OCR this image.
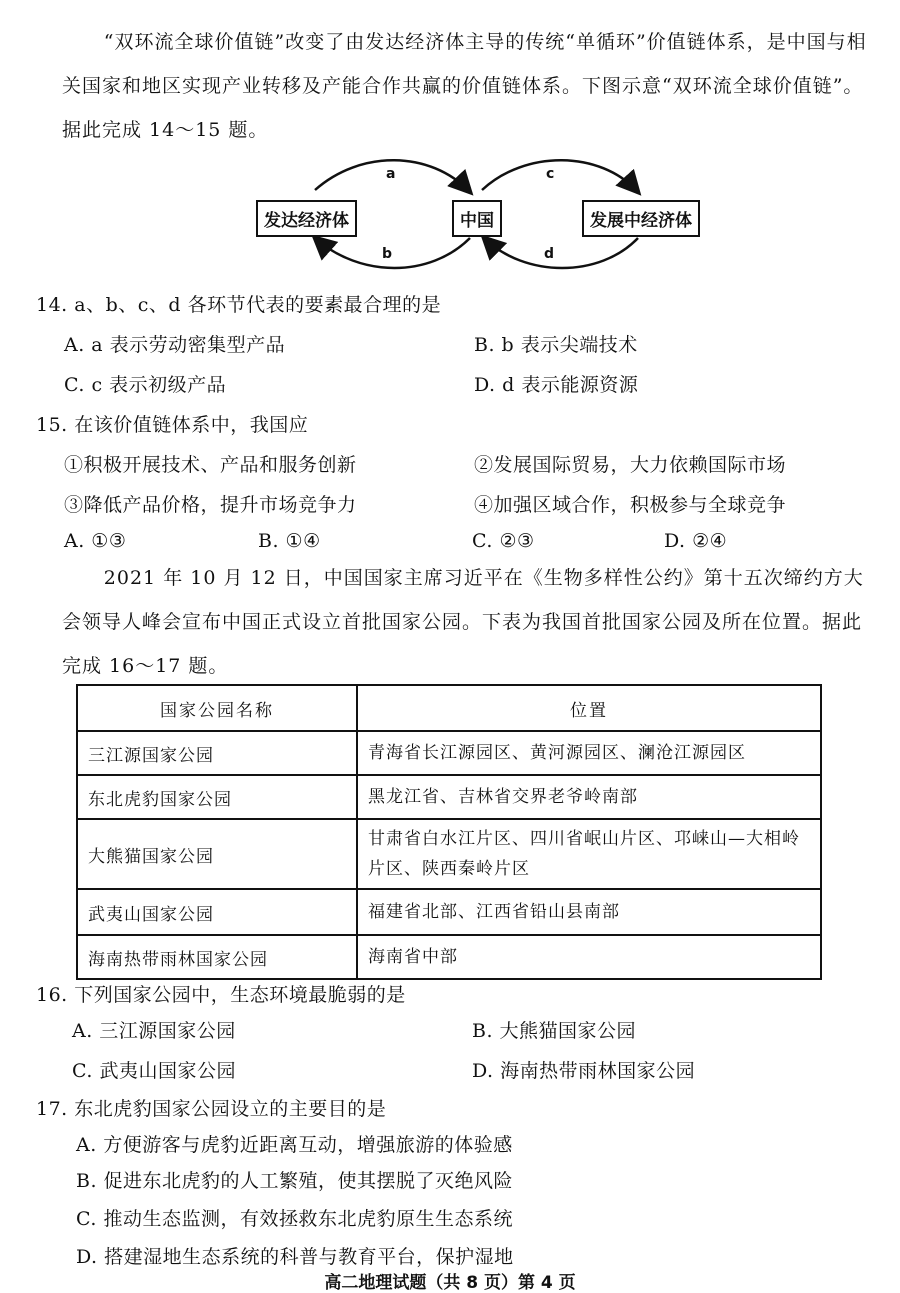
“双环流全球价值链”改变了由发达经济体主导的传统“单循环”价值链体系，是中国与相关国家和地区实现产业转移及产能合作共赢的价值链体系。下图示意“双环流全球价值链”。据此完成 14～15 题。
a
b
c
d
发达经济体	中国	发展中经济体
14. a、b、c、d 各环节代表的要素最合理的是
A. a 表示劳动密集型产品	B. b 表示尖端技术
C. c 表示初级产品	D. d 表示能源资源
15. 在该价值链体系中，我国应
①积极开展技术、产品和服务创新	②发展国际贸易，大力依赖国际市场
③降低产品价格，提升市场竞争力	④加强区域合作，积极参与全球竞争
A. ①③	B. ①④	C. ②③	D. ②④
2021 年 10 月 12 日，中国国家主席习近平在《生物多样性公约》第十五次缔约方大会领导人峰会宣布中国正式设立首批国家公园。下表为我国首批国家公园及所在位置。据此完成 16～17 题。
国家公园名称	位置
三江源国家公园	青海省长江源园区、黄河源园区、澜沧江源园区
东北虎豹国家公园	黑龙江省、吉林省交界老爷岭南部
大熊猫国家公园	甘肃省白水江片区、四川省岷山片区、邛崃山—大相岭片区、陕西秦岭片区
武夷山国家公园	福建省北部、江西省铅山县南部
海南热带雨林国家公园	海南省中部
16. 下列国家公园中，生态环境最脆弱的是
A. 三江源国家公园	B. 大熊猫国家公园
C. 武夷山国家公园	D. 海南热带雨林国家公园
17. 东北虎豹国家公园设立的主要目的是
A. 方便游客与虎豹近距离互动，增强旅游的体验感
B. 促进东北虎豹的人工繁殖，使其摆脱了灭绝风险
C. 推动生态监测，有效拯救东北虎豹原生生态系统
D. 搭建湿地生态系统的科普与教育平台，保护湿地
高二地理试题（共 8 页）第 4 页
